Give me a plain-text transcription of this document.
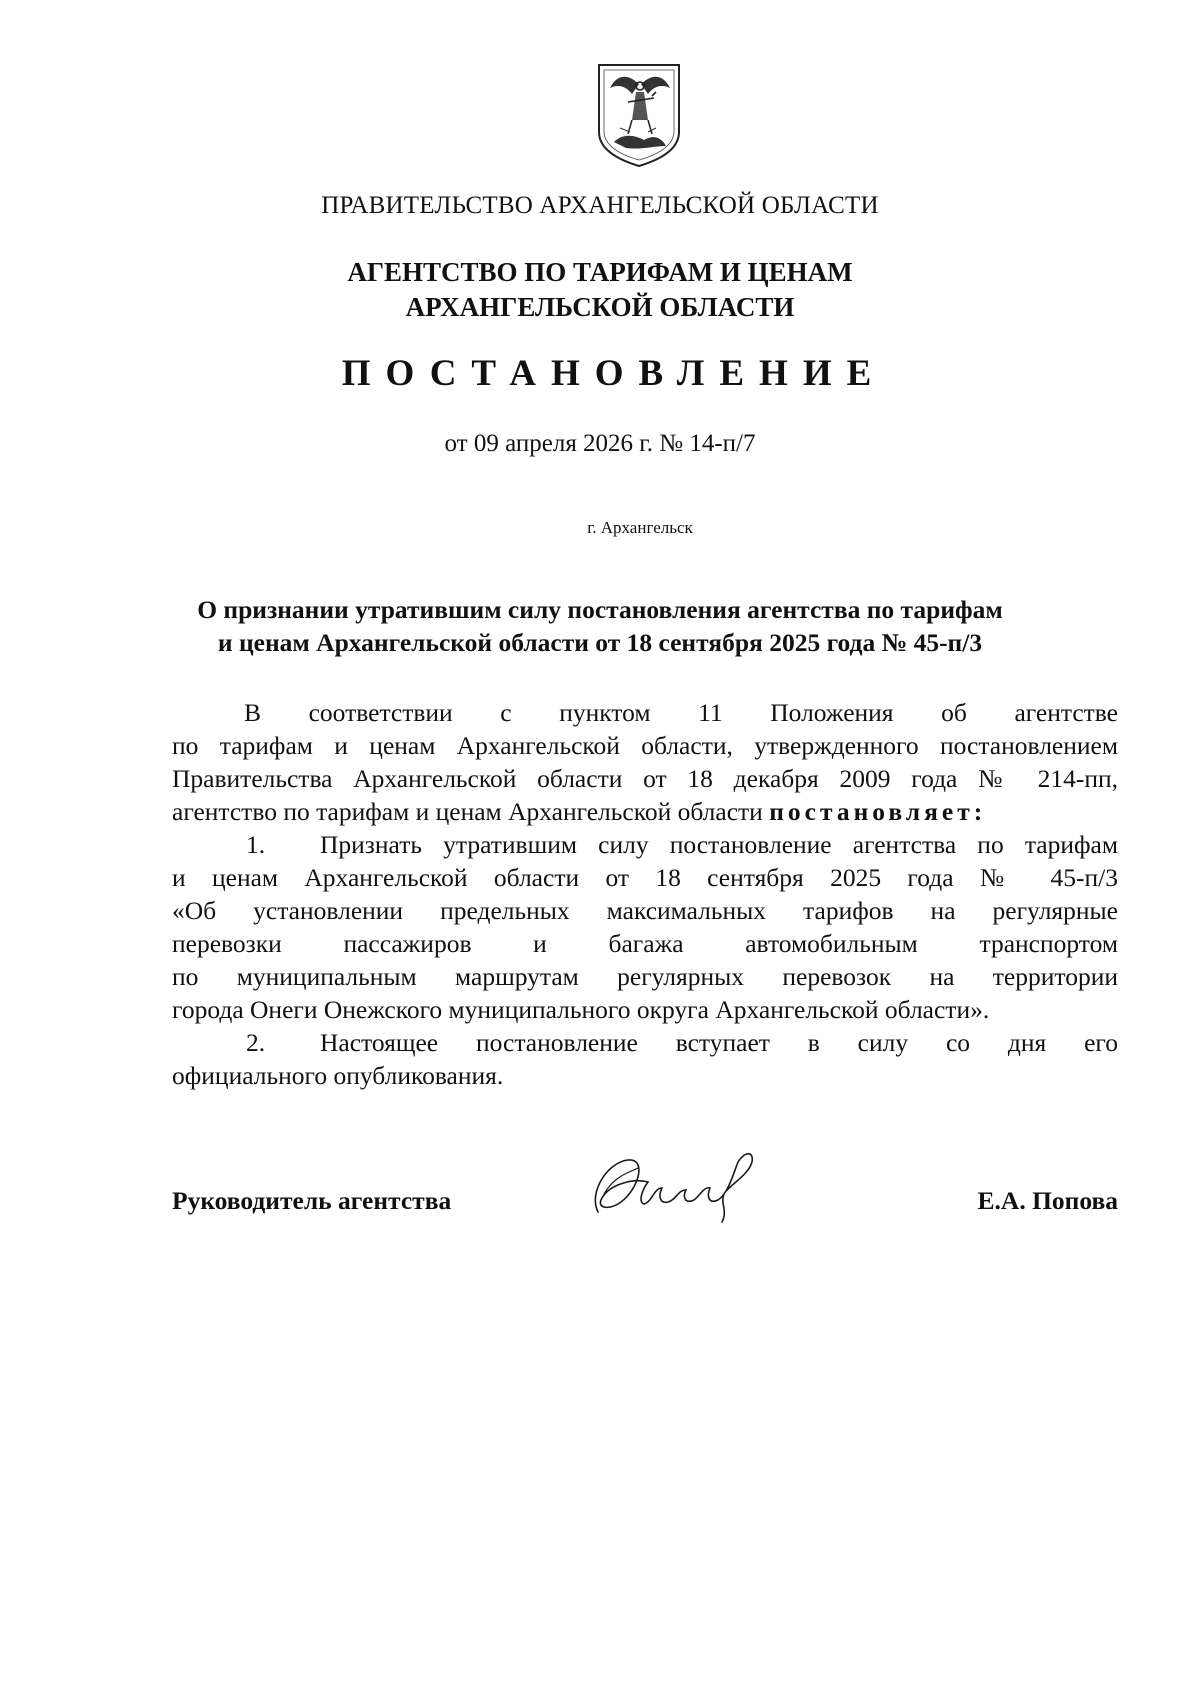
ПРАВИТЕЛЬСТВО АРХАНГЕЛЬСКОЙ ОБЛАСТИ
АГЕНТСТВО ПО ТАРИФАМ И ЦЕНАМ
АРХАНГЕЛЬСКОЙ ОБЛАСТИ
ПОСТАНОВЛЕНИЕ
от 09 апреля 2026 г. № 14-п/7
г. Архангельск
О признании утратившим силу постановления агентства по тарифам
и ценам Архангельской области от 18 сентября 2025 года № 45-п/3
В соответствии с пунктом 11 Положения об агентстве
по тарифам и ценам Архангельской области, утвержденного постановлением
Правительства Архангельской области от 18 декабря 2009 года № 214-пп,
агентство по тарифам и ценам Архангельской области постановляет:
1. Признать утратившим силу постановление агентства по тарифам
и ценам Архангельской области от 18 сентября 2025 года № 45-п/3
«Об установлении предельных максимальных тарифов на регулярные
перевозки пассажиров и багажа автомобильным транспортом
по муниципальным маршрутам регулярных перевозок на территории
города Онеги Онежского муниципального округа Архангельской области».
2. Настоящее постановление вступает в силу со дня его
официального опубликования.
Руководитель агентства	Е.А. Попова
